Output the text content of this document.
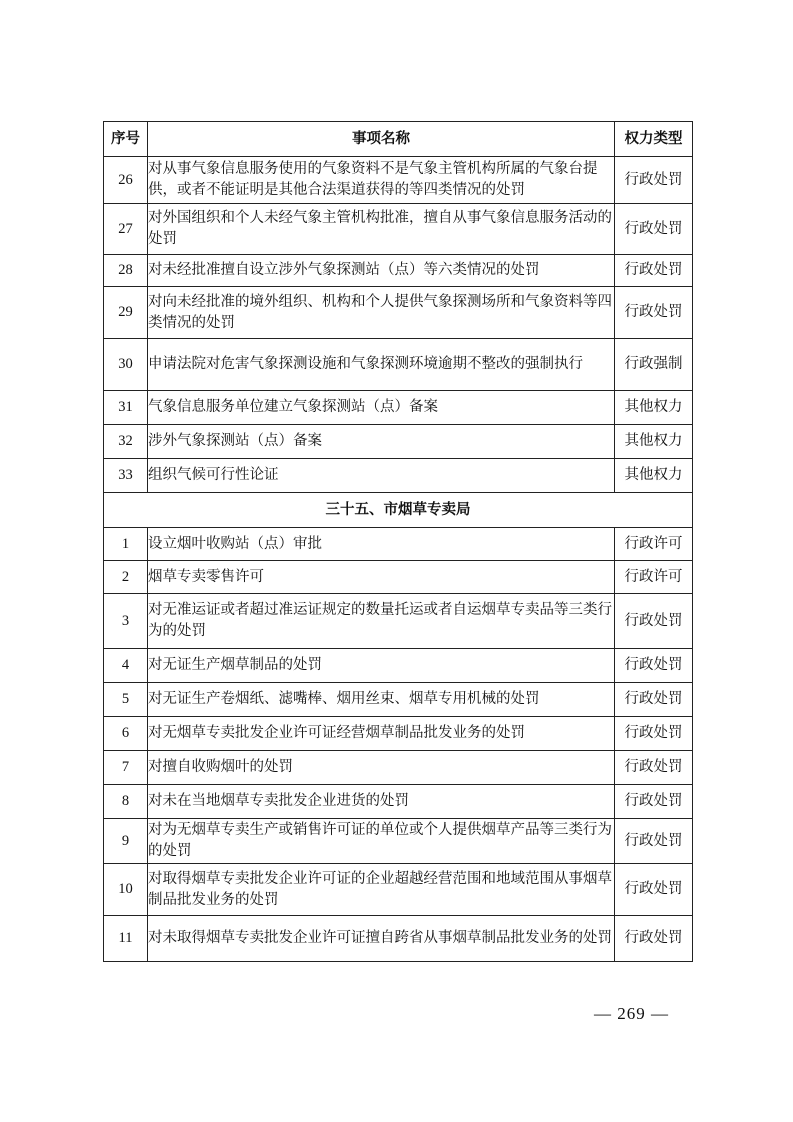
序号	事项名称	权力类型
26	对从事气象信息服务使用的气象资料不是气象主管机构所属的气象台提供，或者不能证明是其他合法渠道获得的等四类情况的处罚	行政处罚
27	对外国组织和个人未经气象主管机构批准，擅自从事气象信息服务活动的处罚	行政处罚
28	对未经批准擅自设立涉外气象探测站（点）等六类情况的处罚	行政处罚
29	对向未经批准的境外组织、机构和个人提供气象探测场所和气象资料等四类情况的处罚	行政处罚
30	申请法院对危害气象探测设施和气象探测环境逾期不整改的强制执行	行政强制
31	气象信息服务单位建立气象探测站（点）备案	其他权力
32	涉外气象探测站（点）备案	其他权力
33	组织气候可行性论证	其他权力
三十五、市烟草专卖局		
1	设立烟叶收购站（点）审批	行政许可
2	烟草专卖零售许可	行政许可
3	对无准运证或者超过准运证规定的数量托运或者自运烟草专卖品等三类行为的处罚	行政处罚
4	对无证生产烟草制品的处罚	行政处罚
5	对无证生产卷烟纸、滤嘴棒、烟用丝束、烟草专用机械的处罚	行政处罚
6	对无烟草专卖批发企业许可证经营烟草制品批发业务的处罚	行政处罚
7	对擅自收购烟叶的处罚	行政处罚
8	对未在当地烟草专卖批发企业进货的处罚	行政处罚
9	对为无烟草专卖生产或销售许可证的单位或个人提供烟草产品等三类行为的处罚	行政处罚
10	对取得烟草专卖批发企业许可证的企业超越经营范围和地域范围从事烟草制品批发业务的处罚	行政处罚
11	对未取得烟草专卖批发企业许可证擅自跨省从事烟草制品批发业务的处罚	行政处罚
— 269 —
